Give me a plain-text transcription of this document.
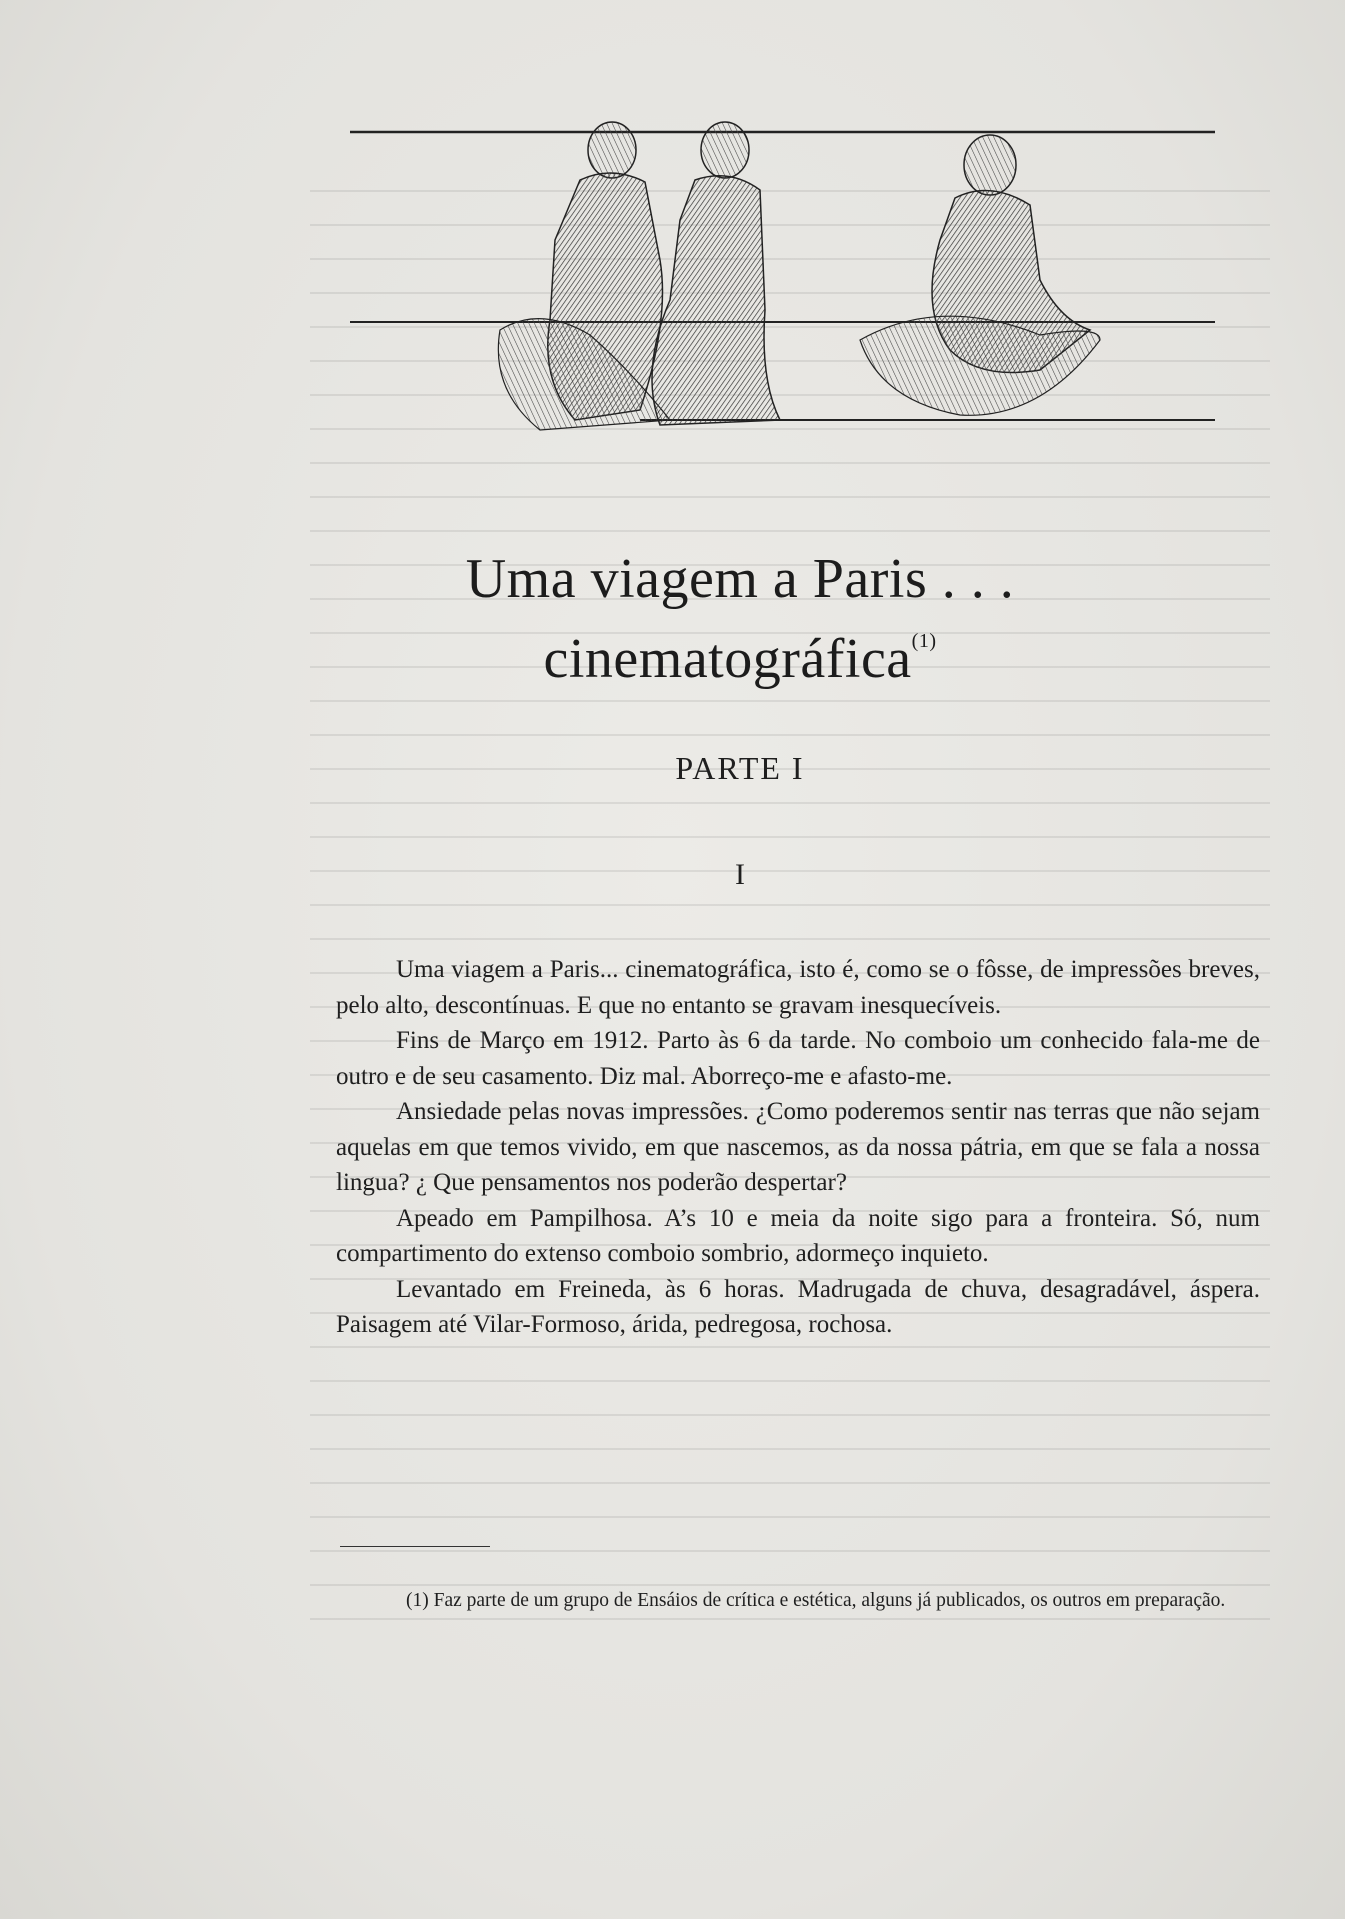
Uma viagem a Paris . . .
cinematográfica$^{(1)}$
PARTE I
I

Uma viagem a Paris... cinematográfica, isto é, como se o fôsse, de impressões breves, pelo alto, descontínuas. E que no entanto se gravam inesquecíveis.

Fins de Março em 1912. Parto às 6 da tarde. No comboio um conhecido fala-me de outro e de seu casamento. Diz mal. Aborreço-me e afasto-me.

Ansiedade pelas novas impressões. ¿Como poderemos sentir nas terras que não sejam aquelas em que temos vivido, em que nascemos, as da nossa pátria, em que se fala a nossa lingua? ¿ Que pensamentos nos poderão despertar?

Apeado em Pampilhosa. A’s 10 e meia da noite sigo para a fronteira. Só, num compartimento do extenso comboio sombrio, adormeço inquieto.

Levantado em Freineda, às 6 horas. Madrugada de chuva, desagradável, áspera. Paisagem até Vilar-Formoso, árida, pedregosa, rochosa.

(1) Faz parte de um grupo de Ensáios de crítica e estética, alguns já publicados, os outros em preparação.
